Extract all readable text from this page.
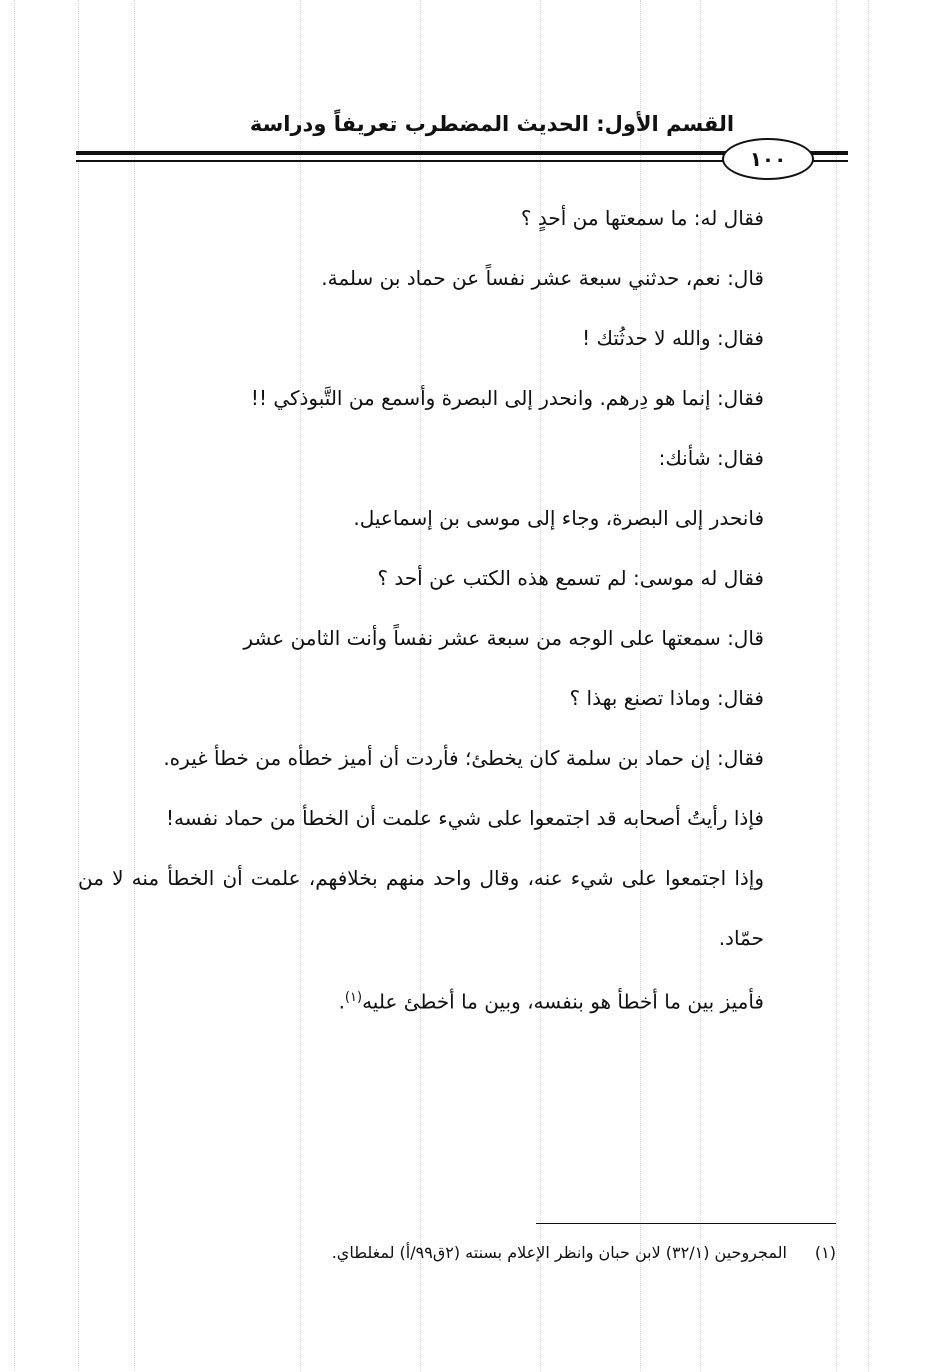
القسم الأول: الحديث المضطرب تعريفاً ودراسة
١٠٠

فقال له: ما سمعتها من أحدٍ ؟

قال: نعم، حدثني سبعة عشر نفساً عن حماد بن سلمة.

فقال: والله لا حدثُتك !

فقال: إنما هو دِرهم. وانحدر إلى البصرة وأسمع من التَّبوذكي !!

فقال: شأنك:

فانحدر إلى البصرة، وجاء إلى موسى بن إسماعيل.

فقال له موسى: لم تسمع هذه الكتب عن أحد ؟

قال: سمعتها على الوجه من سبعة عشر نفساً وأنت الثامن عشر

فقال: وماذا تصنع بهذا ؟

فقال: إن حماد بن سلمة كان يخطئ؛ فأردت أن أميز خطأه من خطأ غيره.

فإذا رأيتُ أصحابه قد اجتمعوا على شيء علمت أن الخطأ من حماد نفسه!

وإذا اجتمعوا على شيء عنه، وقال واحد منهم بخلافهم، علمت أن الخطأ منه لا من حمّاد.

فأميز بين ما أخطأ هو بنفسه، وبين ما أخطئ عليه$^{(١)}$.

(١)المجروحين (٣٢/١) لابن حبان وانظر الإعلام بسنته (٢ق٩٩/أ) لمغلطاي.
